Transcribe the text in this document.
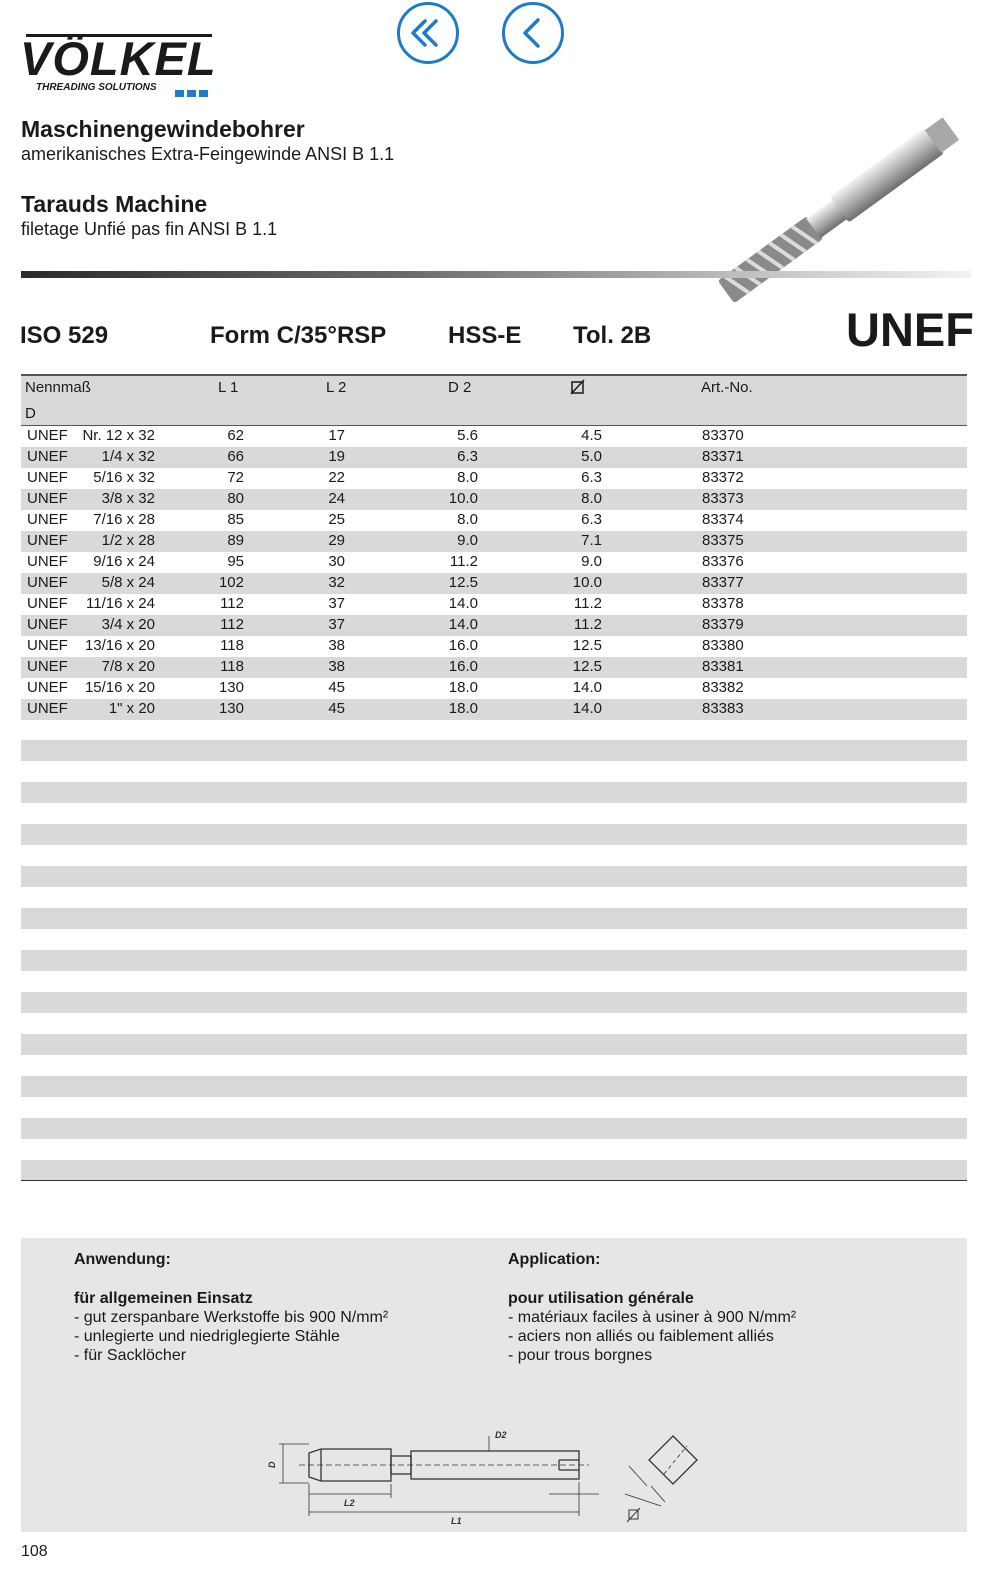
VÖLKEL
THREADING SOLUTIONS
Maschinengewindebohrer
amerikanisches Extra-Feingewinde ANSI B 1.1
Tarauds Machine
filetage Unfié pas fin ANSI B 1.1
ISO 529	Form C/35°RSP	HSS-E Tol. 2B	UNEF
Nennmaß
D
L 1	L 2	D 2	Art.-No.
UNEF Nr. 12 x 32	62	17	5.6	4.5	83370
UNEF	1/4 x 32	66	19	6.3	5.0	83371
UNEF	5/16 x 32	72	22	8.0	6.3	83372
UNEF	3/8 x 32	80	24	10.0	8.0	83373
UNEF	7/16 x 28	85	25	8.0	6.3	83374
UNEF	1/2 x 28	89	29	9.0	7.1	83375
UNEF	9/16 x 24	95	30	11.2	9.0	83376
UNEF	5/8 x 24	102	32	12.5	10.0	83377
UNEF	11/16 x 24	112	37	14.0	11.2	83378
UNEF	3/4 x 20	112	37	14.0	11.2	83379
UNEF	13/16 x 20	118	38	16.0	12.5	83380
UNEF	7/8 x 20	118	38	16.0	12.5	83381
UNEF	15/16 x 20	130	45	18.0	14.0	83382
UNEF	1" x 20	130	45	18.0	14.0	83383
Anwendung:
für allgemeinen Einsatz
- gut zerspanbare Werkstoffe bis 900 N/mm²
- unlegierte und niedriglegierte Stähle
- für Sacklöcher
Application:
pour utilisation générale
- matériaux faciles à usiner à 900 N/mm²
- aciers non alliés ou faiblement alliés
- pour trous borgnes
D2
D
L2
L1
108
